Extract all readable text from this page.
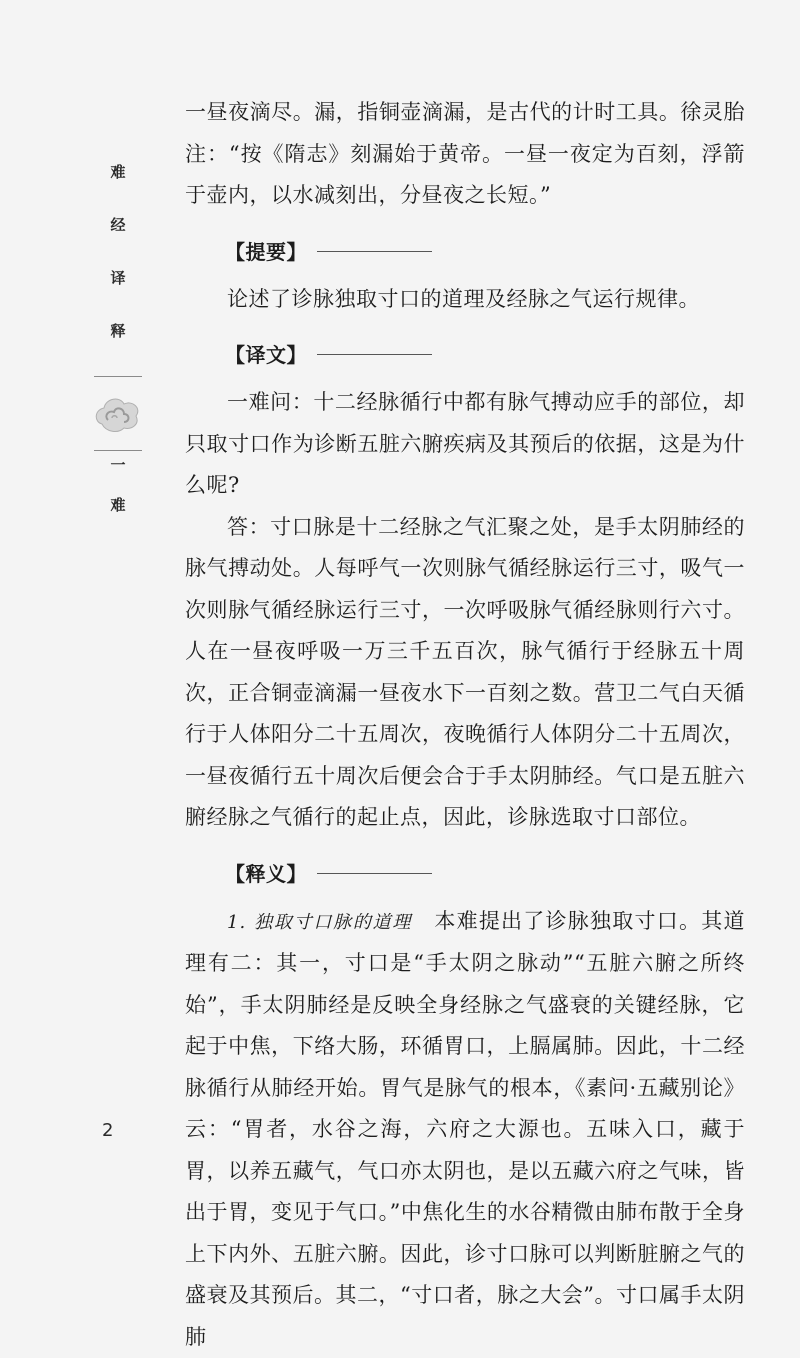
难
经
译
释
一
难
2

一昼夜滴尽。漏，指铜壶滴漏，是古代的计时工具。徐灵胎注：“按《隋志》刻漏始于黄帝。一昼一夜定为百刻，浮箭于壶内，以水减刻出，分昼夜之长短。”

【提要】

论述了诊脉独取寸口的道理及经脉之气运行规律。

【译文】

一难问：十二经脉循行中都有脉气搏动应手的部位，却只取寸口作为诊断五脏六腑疾病及其预后的依据，这是为什么呢?

答：寸口脉是十二经脉之气汇聚之处，是手太阴肺经的脉气搏动处。人每呼气一次则脉气循经脉运行三寸，吸气一次则脉气循经脉运行三寸，一次呼吸脉气循经脉则行六寸。人在一昼夜呼吸一万三千五百次，脉气循行于经脉五十周次，正合铜壶滴漏一昼夜水下一百刻之数。营卫二气白天循行于人体阳分二十五周次，夜晚循行人体阴分二十五周次，一昼夜循行五十周次后便会合于手太阴肺经。气口是五脏六腑经脉之气循行的起止点，因此，诊脉选取寸口部位。

【释义】

1. 独取寸口脉的道理　 本难提出了诊脉独取寸口。其道理有二：其一，寸口是“手太阴之脉动”“五脏六腑之所终始”，手太阴肺经是反映全身经脉之气盛衰的关键经脉，它起于中焦，下络大肠，环循胃口，上膈属肺。因此，十二经脉循行从肺经开始。胃气是脉气的根本，《素问·五藏别论》云：“胃者，水谷之海，六府之大源也。五味入口，藏于胃，以养五藏气，气口亦太阴也，是以五藏六府之气味，皆出于胃，变见于气口。”中焦化生的水谷精微由肺布散于全身上下内外、五脏六腑。因此，诊寸口脉可以判断脏腑之气的盛衰及其预后。其二，“寸口者，脉之大会”。寸口属手太阴肺
